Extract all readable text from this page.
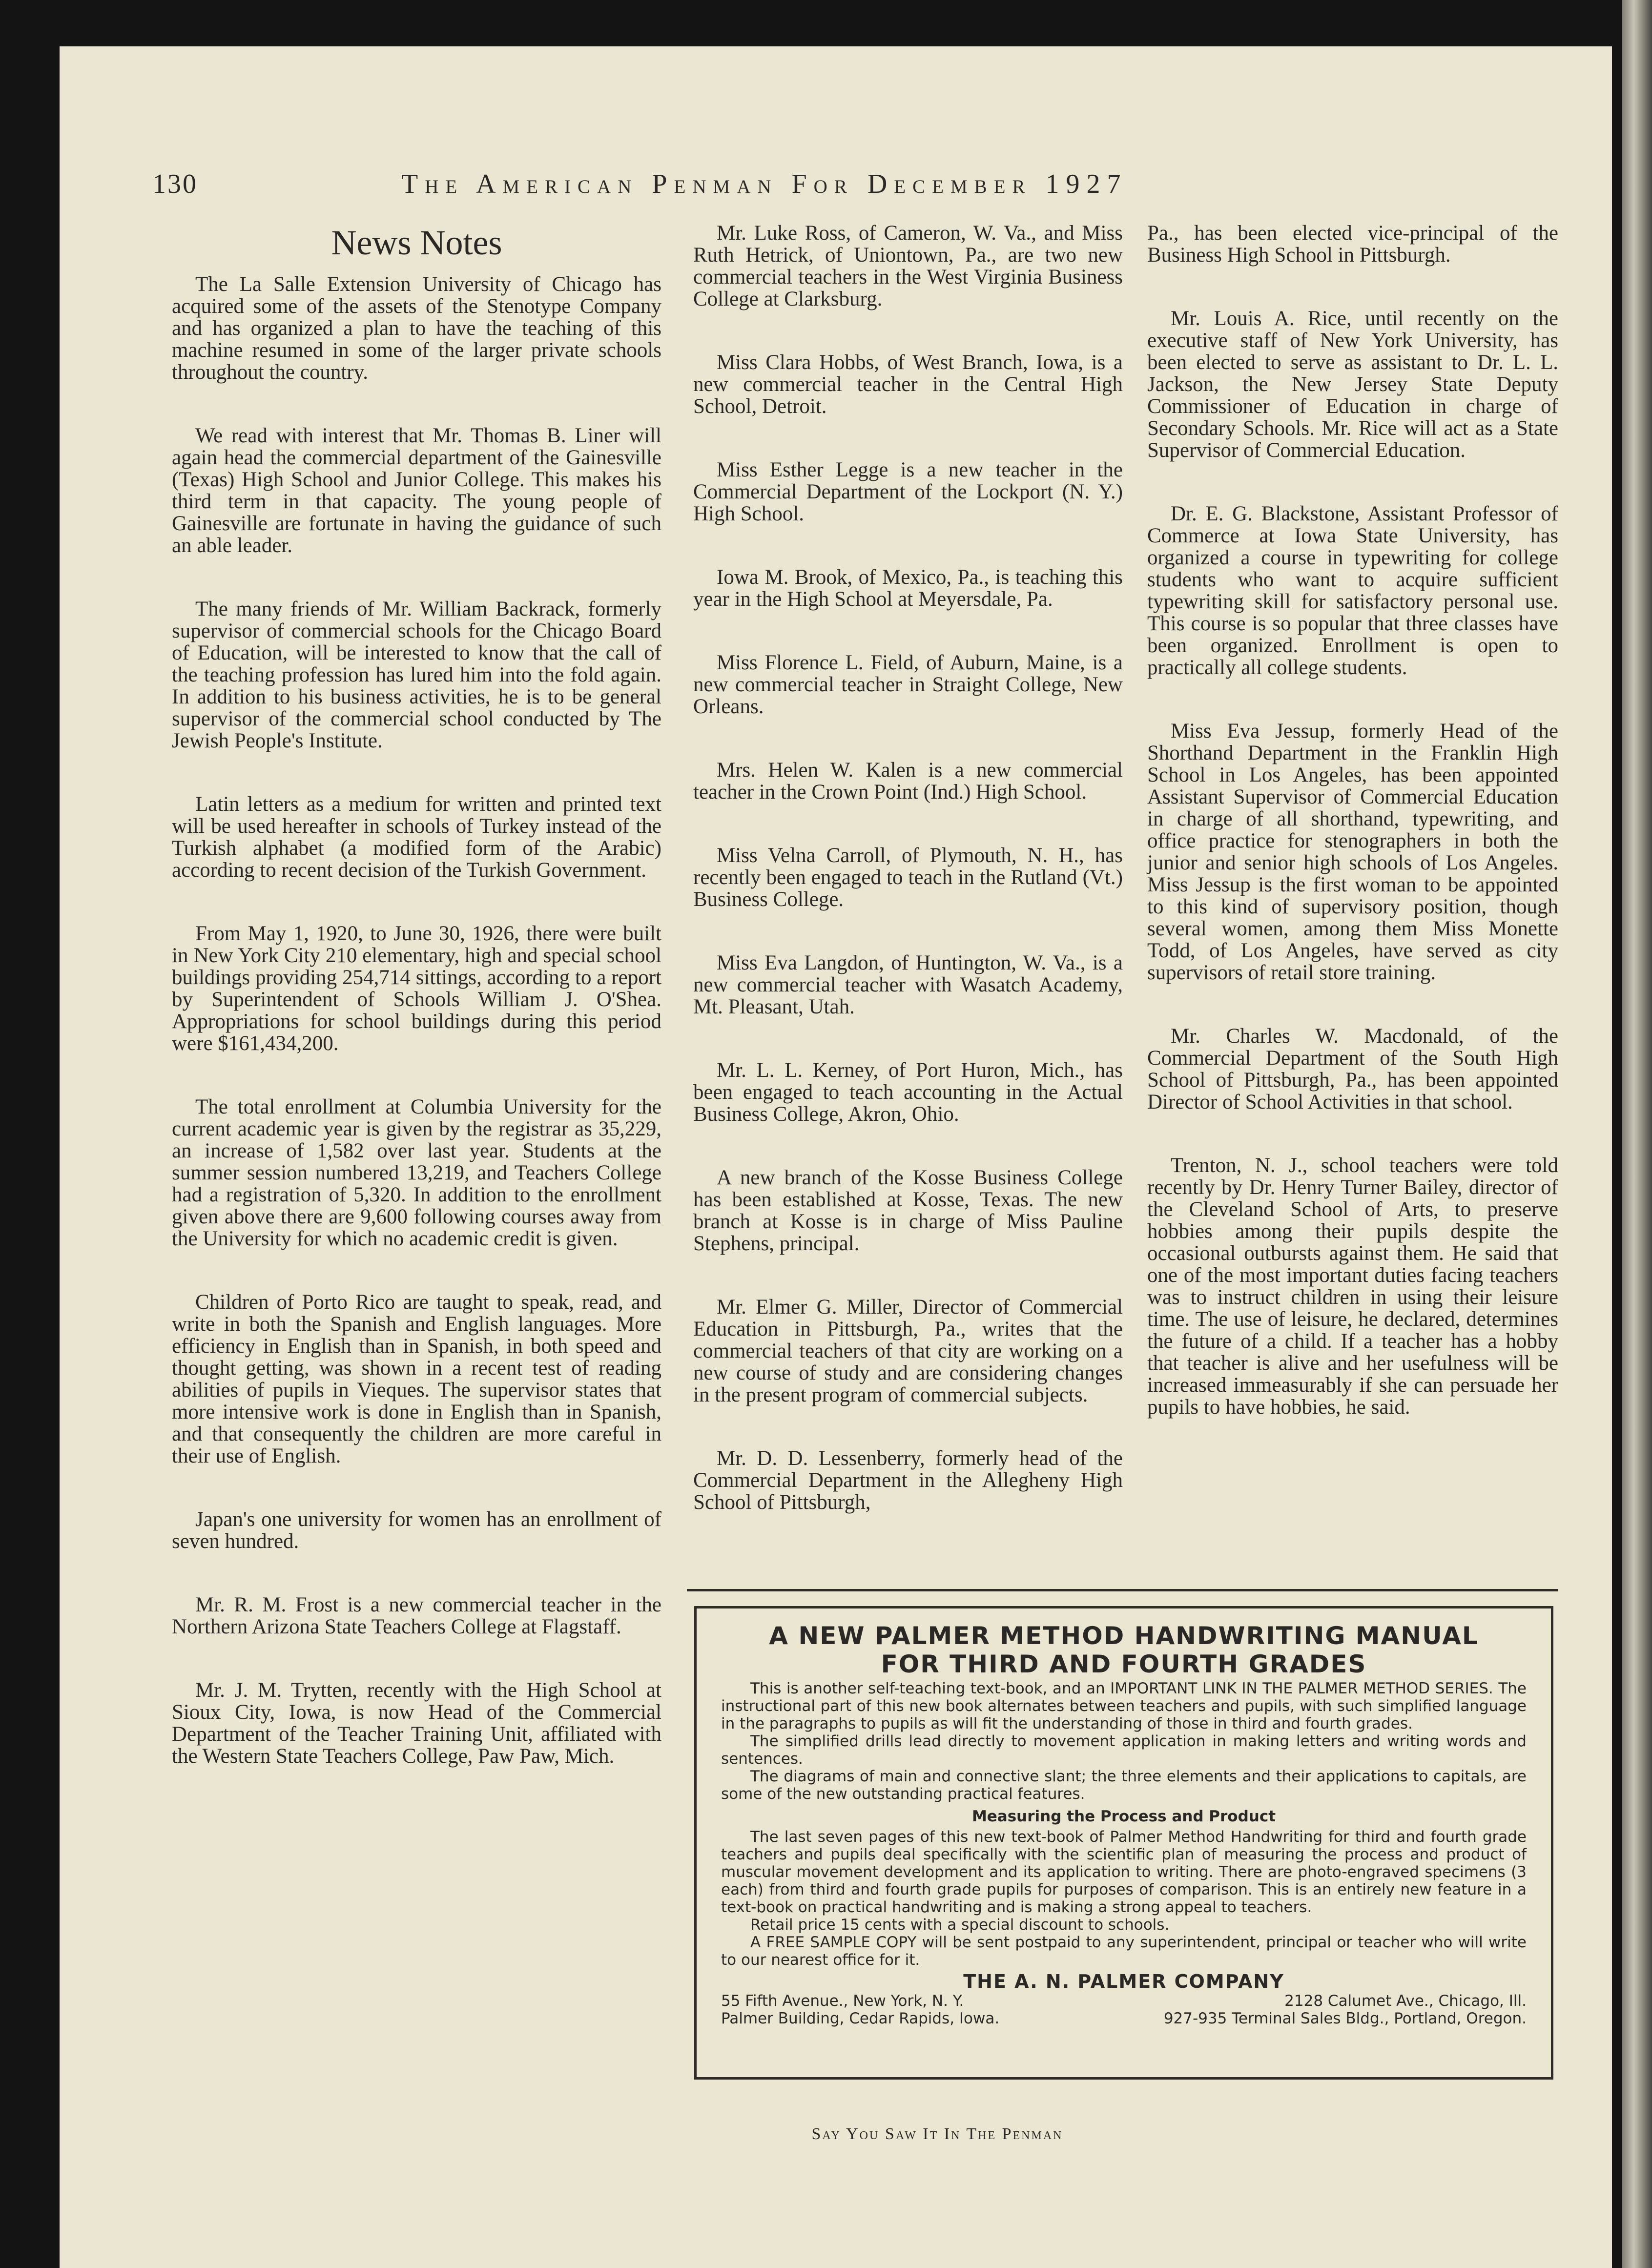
130	The American Penman For December 1927
News Notes

The La Salle Extension University of Chicago has acquired some of the assets of the Stenotype Company and has organized a plan to have the teaching of this machine resumed in some of the larger private schools throughout the country.

We read with interest that Mr. Thomas B. Liner will again head the commercial department of the Gainesville (Texas) High School and Junior College. This makes his third term in that capacity. The young people of Gainesville are fortunate in having the guidance of such an able leader.

The many friends of Mr. William Backrack, formerly supervisor of commercial schools for the Chicago Board of Education, will be interested to know that the call of the teaching profession has lured him into the fold again. In addition to his business activities, he is to be general supervisor of the commercial school conducted by The Jewish People's Institute.

Latin letters as a medium for written and printed text will be used hereafter in schools of Turkey instead of the Turkish alphabet (a modified form of the Arabic) according to recent decision of the Turkish Government.

From May 1, 1920, to June 30, 1926, there were built in New York City 210 elementary, high and special school buildings providing 254,714 sittings, according to a report by Superintendent of Schools William J. O'Shea. Appropriations for school buildings during this period were $161,434,200.

The total enrollment at Columbia University for the current academic year is given by the registrar as 35,229, an increase of 1,582 over last year. Students at the summer session numbered 13,219, and Teachers College had a registration of 5,320. In addition to the enrollment given above there are 9,600 following courses away from the University for which no academic credit is given.

Children of Porto Rico are taught to speak, read, and write in both the Spanish and English languages. More efficiency in English than in Spanish, in both speed and thought getting, was shown in a recent test of reading abilities of pupils in Vieques. The supervisor states that more intensive work is done in English than in Spanish, and that consequently the children are more careful in their use of English.

Japan's one university for women has an enrollment of seven hundred.

Mr. R. M. Frost is a new commercial teacher in the Northern Arizona State Teachers College at Flagstaff.

Mr. J. M. Trytten, recently with the High School at Sioux City, Iowa, is now Head of the Commercial Department of the Teacher Training Unit, affiliated with the Western State Teachers College, Paw Paw, Mich.

Mr. Luke Ross, of Cameron, W. Va., and Miss Ruth Hetrick, of Uniontown, Pa., are two new commercial teachers in the West Virginia Business College at Clarksburg.

Miss Clara Hobbs, of West Branch, Iowa, is a new commercial teacher in the Central High School, Detroit.

Miss Esther Legge is a new teacher in the Commercial Department of the Lockport (N. Y.) High School.

Iowa M. Brook, of Mexico, Pa., is teaching this year in the High School at Meyersdale, Pa.

Miss Florence L. Field, of Auburn, Maine, is a new commercial teacher in Straight College, New Orleans.

Mrs. Helen W. Kalen is a new commercial teacher in the Crown Point (Ind.) High School.

Miss Velna Carroll, of Plymouth, N. H., has recently been engaged to teach in the Rutland (Vt.) Business College.

Miss Eva Langdon, of Huntington, W. Va., is a new commercial teacher with Wasatch Academy, Mt. Pleasant, Utah.

Mr. L. L. Kerney, of Port Huron, Mich., has been engaged to teach accounting in the Actual Business College, Akron, Ohio.

A new branch of the Kosse Business College has been established at Kosse, Texas. The new branch at Kosse is in charge of Miss Pauline Stephens, principal.

Mr. Elmer G. Miller, Director of Commercial Education in Pittsburgh, Pa., writes that the commercial teachers of that city are working on a new course of study and are considering changes in the present program of commercial subjects.

Mr. D. D. Lessenberry, formerly head of the Commercial Department in the Allegheny High School of Pittsburgh,

Pa., has been elected vice-principal of the Business High School in Pittsburgh.

Mr. Louis A. Rice, until recently on the executive staff of New York University, has been elected to serve as assistant to Dr. L. L. Jackson, the New Jersey State Deputy Commissioner of Education in charge of Secondary Schools. Mr. Rice will act as a State Supervisor of Commercial Education.

Dr. E. G. Blackstone, Assistant Professor of Commerce at Iowa State University, has organized a course in typewriting for college students who want to acquire sufficient typewriting skill for satisfactory personal use. This course is so popular that three classes have been organized. Enrollment is open to practically all college students.

Miss Eva Jessup, formerly Head of the Shorthand Department in the Franklin High School in Los Angeles, has been appointed Assistant Supervisor of Commercial Education in charge of all shorthand, typewriting, and office practice for stenographers in both the junior and senior high schools of Los Angeles. Miss Jessup is the first woman to be appointed to this kind of supervisory position, though several women, among them Miss Monette Todd, of Los Angeles, have served as city supervisors of retail store training.

Mr. Charles W. Macdonald, of the Commercial Department of the South High School of Pittsburgh, Pa., has been appointed Director of School Activities in that school.

Trenton, N. J., school teachers were told recently by Dr. Henry Turner Bailey, director of the Cleveland School of Arts, to preserve hobbies among their pupils despite the occasional outbursts against them. He said that one of the most important duties facing teachers was to instruct children in using their leisure time. The use of leisure, he declared, determines the future of a child. If a teacher has a hobby that teacher is alive and her usefulness will be increased immeasurably if she can persuade her pupils to have hobbies, he said.

A NEW PALMER METHOD HANDWRITING MANUAL
FOR THIRD AND FOURTH GRADES

This is another self-teaching text-book, and an IMPORTANT LINK IN THE PALMER METHOD SERIES. The instructional part of this new book alternates between teachers and pupils, with such simplified language in the paragraphs to pupils as will fit the understanding of those in third and fourth grades.

The simplified drills lead directly to movement application in making letters and writing words and sentences.

The diagrams of main and connective slant; the three elements and their applications to capitals, are some of the new outstanding practical features.

Measuring the Process and Product

The last seven pages of this new text-book of Palmer Method Handwriting for third and fourth grade teachers and pupils deal specifically with the scientific plan of measuring the process and product of muscular movement development and its application to writing. There are photo-engraved specimens (3 each) from third and fourth grade pupils for purposes of comparison. This is an entirely new feature in a text-book on practical handwriting and is making a strong appeal to teachers.

Retail price 15 cents with a special discount to schools.

A FREE SAMPLE COPY will be sent postpaid to any superintendent, principal or teacher who will write to our nearest office for it.

THE A. N. PALMER COMPANY
55 Fifth Avenue., New York, N. Y.	2128 Calumet Ave., Chicago, Ill.
Palmer Building, Cedar Rapids, Iowa.	927-935 Terminal Sales Bldg., Portland, Oregon.
Say You Saw It In The Penman
